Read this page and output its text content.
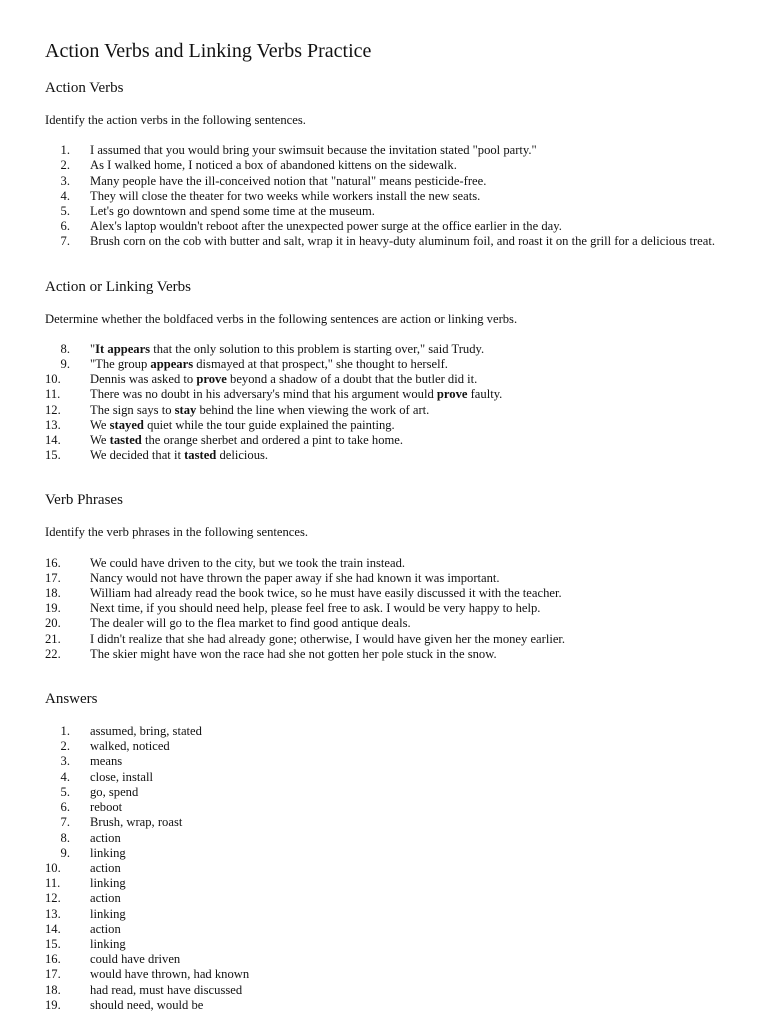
Action Verbs and Linking Verbs Practice
Action Verbs

Identify the action verbs in the following sentences.

1.	I assumed that you would bring your swimsuit because the invitation stated "pool party."
2.	As I walked home, I noticed a box of abandoned kittens on the sidewalk.
3.	Many people have the ill-conceived notion that "natural" means pesticide-free.
4.	They will close the theater for two weeks while workers install the new seats.
5.	Let's go downtown and spend some time at the museum.
6.	Alex's laptop wouldn't reboot after the unexpected power surge at the office earlier in the day.
7.	Brush corn on the cob with butter and salt, wrap it in heavy-duty aluminum foil, and roast it on the grill for a delicious treat.
Action or Linking Verbs

Determine whether the boldfaced verbs in the following sentences are action or linking verbs.

8.	"It appears that the only solution to this problem is starting over," said Trudy.
9.	"The group appears dismayed at that prospect," she thought to herself.
10.	Dennis was asked to prove beyond a shadow of a doubt that the butler did it.
11.	There was no doubt in his adversary's mind that his argument would prove faulty.
12.	The sign says to stay behind the line when viewing the work of art.
13.	We stayed quiet while the tour guide explained the painting.
14.	We tasted the orange sherbet and ordered a pint to take home.
15.	We decided that it tasted delicious.
Verb Phrases

Identify the verb phrases in the following sentences.

16.	We could have driven to the city, but we took the train instead.
17.	Nancy would not have thrown the paper away if she had known it was important.
18.	William had already read the book twice, so he must have easily discussed it with the teacher.
19.	Next time, if you should need help, please feel free to ask. I would be very happy to help.
20.	The dealer will go to the flea market to find good antique deals.
21.	I didn't realize that she had already gone; otherwise, I would have given her the money earlier.
22.	The skier might have won the race had she not gotten her pole stuck in the snow.
Answers
1.	assumed, bring, stated
2.	walked, noticed
3.	means
4.	close, install
5.	go, spend
6.	reboot
7.	Brush, wrap, roast
8.	action
9.	linking
10.	action
11.	linking
12.	action
13.	linking
14.	action
15.	linking
16.	could have driven
17.	would have thrown, had known
18.	had read, must have discussed
19.	should need, would be
